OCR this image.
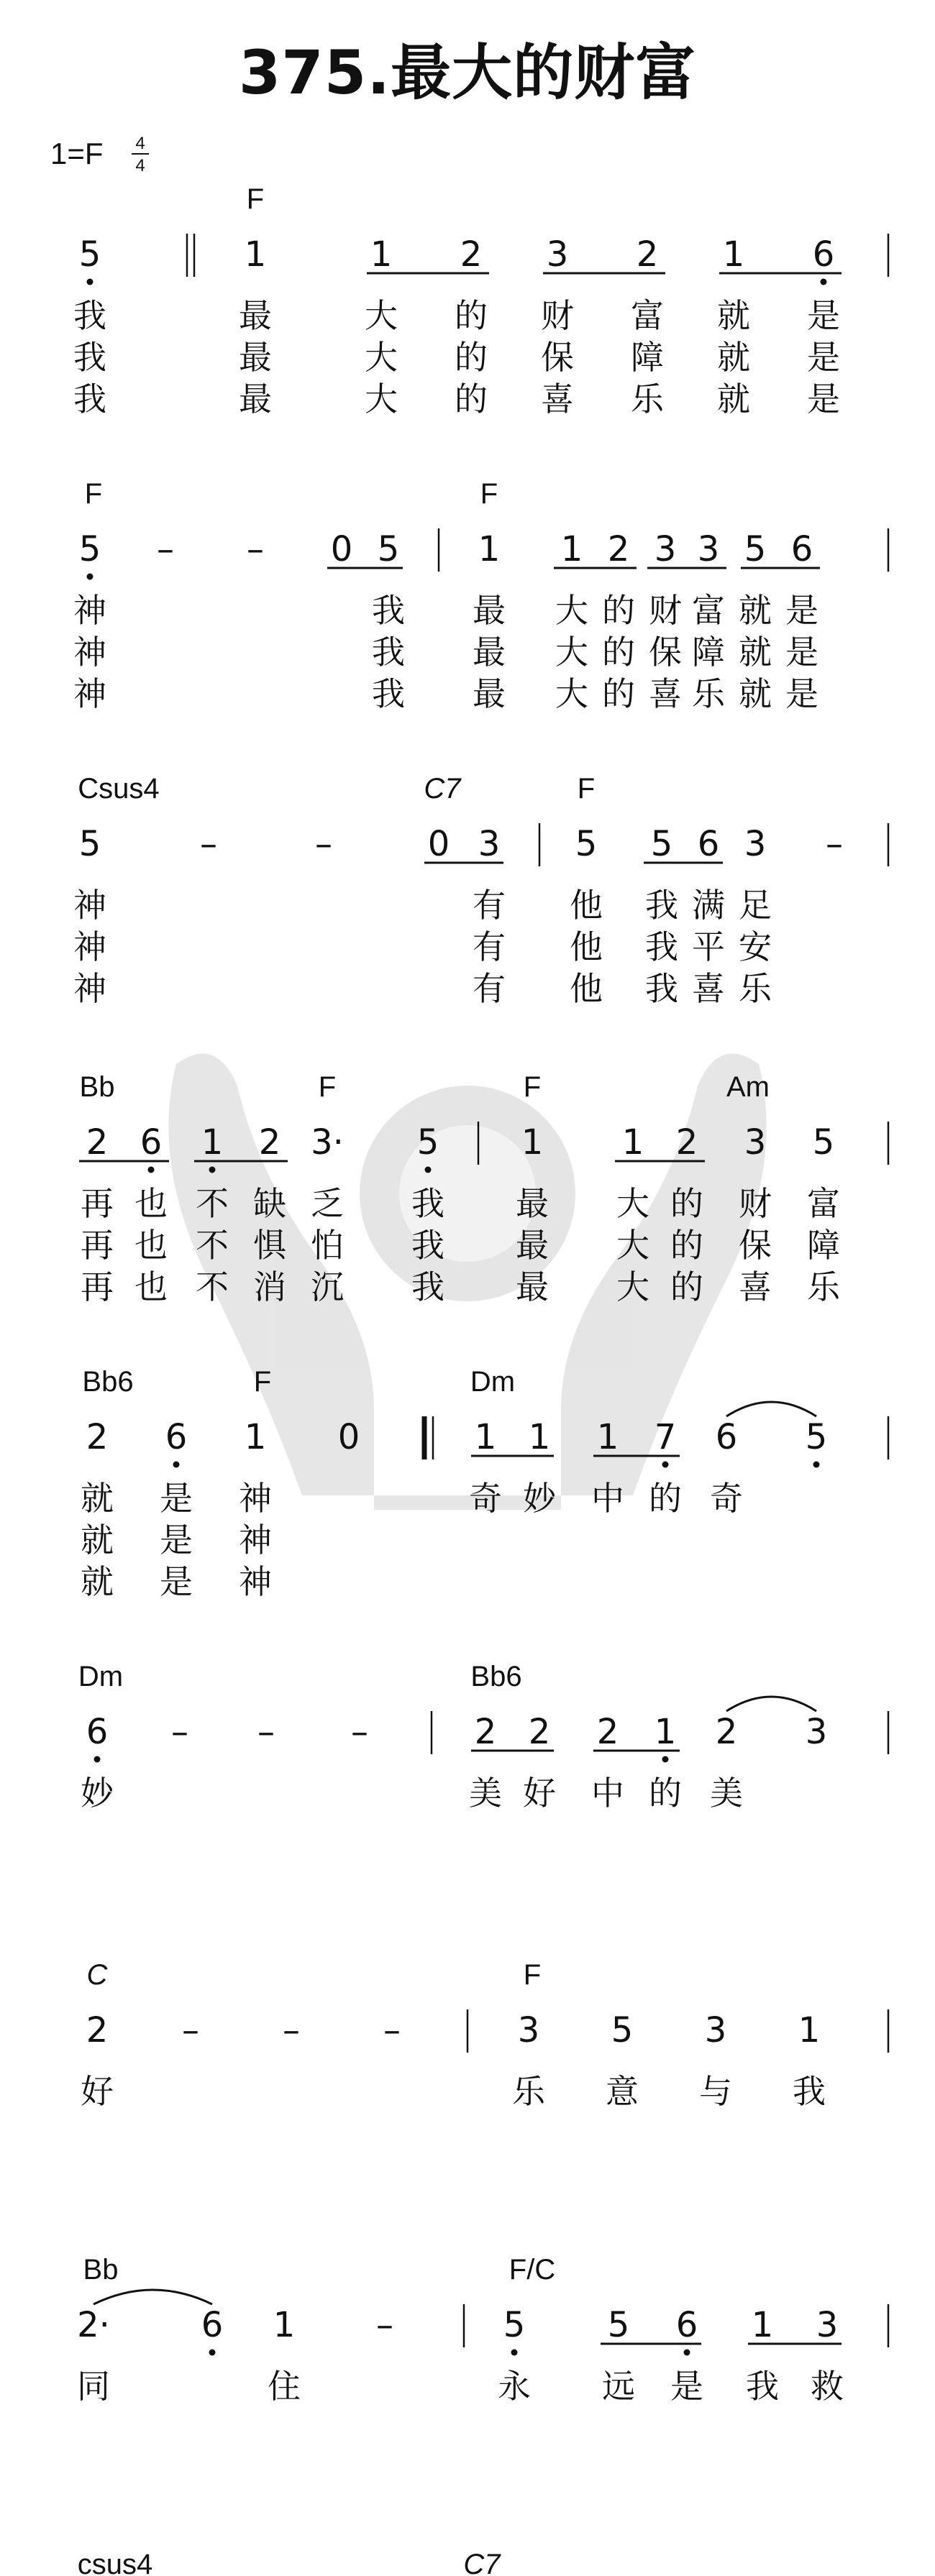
375.最大的财富
1=F 4
4
F
5	1	1 2 3 2 1 6
我	最	大 的 财 富 就 是
我	最	大 的 保 障 就 是
我	最	大 的 喜 乐 就 是
F	F
5 – – 0 5 1 1 2 3 3 5 6
神	我 最 大 的 财 富 就 是
神	我 最 大 的 保 障 就 是
神	我 最 大 的 喜 乐 就 是
Csus4	C7	F
5	–	–	0 3 5 5 6 3 –
神	有 他 我 满 足
神	有 他 我 平 安
神	有 他 我 喜 乐
Bb	F	F	Am
2 6 1 2 3· 5 1 1 2 3 5
再 也 不 缺 乏 我 最 大 的 财 富
再 也 不 惧 怕 我 最 大 的 保 障
再 也 不 消 沉 我 最 大 的 喜 乐
Bb6	F	Dm
2 6 1 0	1 1 1 7 6 5
就 是 神	奇 妙 中 的 奇
就 是 神
就 是 神
Dm	Bb6
6 – – –	2 2 2 1 2 3
妙	美 好 中 的 美
C	F
2 – – –	3 5 3 1
好	乐 意 与 我
Bb	F/C
2·	6 1 –	5 5 6 1 3
同	住	永 远 是 我 救
csus4	C7
